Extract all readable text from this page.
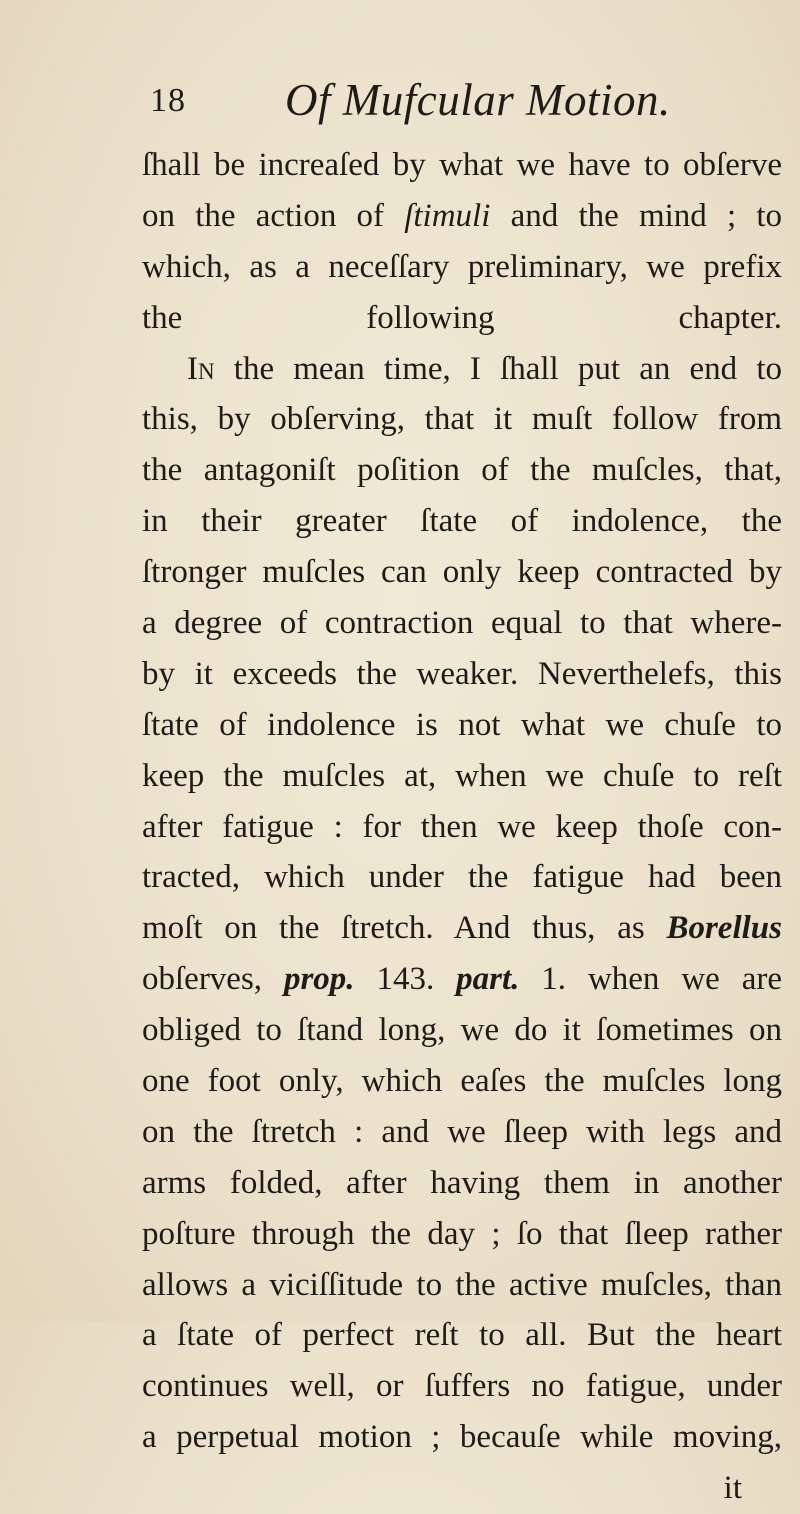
18 Of Mufcular Motion.
ſhall be increaſed by what we have to obſerve
on the action of ſtimuli and the mind ; to
which, as a neceſſary preliminary, we prefix
the following chapter.
In the mean time, I ſhall put an end to
this, by obſerving, that it muſt follow from
the antagoniſt poſition of the muſcles, that,
in their greater ſtate of indolence, the
ſtronger muſcles can only keep contracted by
a degree of contraction equal to that where-
by it exceeds the weaker. Neverthelefs, this
ſtate of indolence is not what we chuſe to
keep the muſcles at, when we chuſe to reſt
after fatigue : for then we keep thoſe con-
tracted, which under the fatigue had been
moſt on the ſtretch. And thus, as Borellus
obſerves, prop. 143. part. 1. when we are
obliged to ſtand long, we do it ſometimes on
one foot only, which eaſes the muſcles long
on the ſtretch : and we ſleep with legs and
arms folded, after having them in another
poſture through the day ; ſo that ſleep rather
allows a viciſſitude to the active muſcles, than
a ſtate of perfect reſt to all. But the heart
continues well, or ſuffers no fatigue, under
a perpetual motion ; becauſe while moving,
it
